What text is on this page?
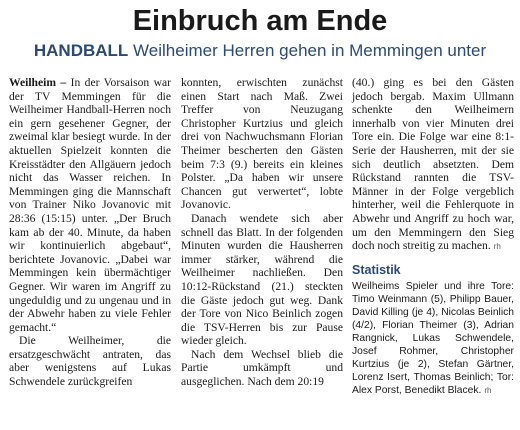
Einbruch am Ende
HANDBALL Weilheimer Herren gehen in Memmingen unter

Weilheim – In der Vorsaison war der TV Memmingen für die Weilheimer Handball-Herren noch ein gern gesehener Gegner, der zweimal klar besiegt wurde. In der aktuellen Spielzeit konnten die Kreisstädter den Allgäuern jedoch nicht das Wasser reichen. In Memmingen ging die Mannschaft von Trainer Niko Jovanovic mit 28:36 (15:15) unter. „Der Bruch kam ab der 40. Minute, da haben wir kontinuierlich abgebaut“, berichtete Jovanovic. „Dabei war Memmingen kein übermächtiger Gegner. Wir waren im Angriff zu ungeduldig und zu ungenau und in der Abwehr haben zu viele Fehler gemacht.“

Die Weilheimer, die ersatzgeschwächt antraten, das aber wenigstens auf Lukas Schwendele zurückgreifen

konnten, erwischten zunächst einen Start nach Maß. Zwei Treffer von Neuzugang Christopher Kurtzius und gleich drei von Nachwuchsmann Florian Theimer bescherten den Gästen beim 7:3 (9.) bereits ein kleines Polster. „Da haben wir unsere Chancen gut verwertet“, lobte Jovanovic.

Danach wendete sich aber schnell das Blatt. In der folgenden Minuten wurden die Hausherren immer stärker, während die Weilheimer nachließen. Den 10:12-Rückstand (21.) steckten die Gäste jedoch gut weg. Dank der Tore von Nico Beinlich zogen die TSV-Herren bis zur Pause wieder gleich.

Nach dem Wechsel blieb die Partie umkämpft und ausgeglichen. Nach dem 20:19

(40.) ging es bei den Gästen jedoch bergab. Maxim Ullmann schenkte den Weilheimern innerhalb von vier Minuten drei Tore ein. Die Folge war eine 8:1-Serie der Hausherren, mit der sie sich deutlich absetzten. Dem Rückstand rannten die TSV-Männer in der Folge vergeblich hinterher, weil die Fehlerquote in Abwehr und Angriff zu hoch war, um den Memmingern den Sieg doch noch streitig zu machen. rh

Statistik
Weilheims Spieler und ihre Tore: Timo Weinmann (5), Philipp Bauer, David Killing (je 4), Nicolas Beinlich (4/2), Florian Theimer (3), Adrian Rangnick, Lukas Schwendele, Josef Rohmer, Christopher Kurtzius (je 2), Stefan Gärtner, Lorenz Isert, Thomas Beinlich; Tor: Alex Porst, Benedikt Blacek. rh
